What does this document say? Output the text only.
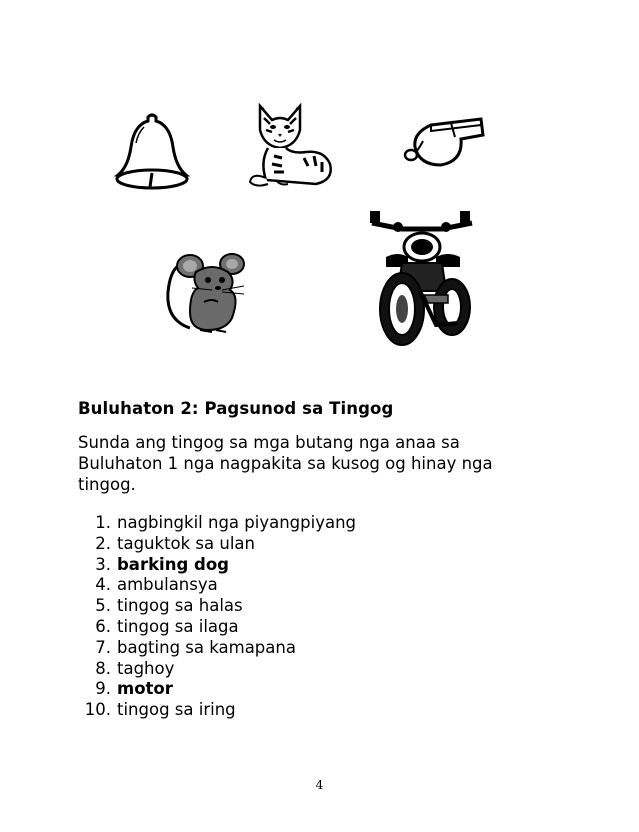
Buluhaton 2: Pagsunod sa Tingog
Sunda ang tingog sa mga butang nga anaa sa Buluhaton 1 nga nagpakita sa kusog og hinay nga tingog.
1. nagbingkil nga piyangpiyang
2. taguktok sa ulan
3. barking dog
4. ambulansya
5. tingog sa halas
6. tingog sa ilaga
7. bagting sa kamapana
8. taghoy
9. motor
10. tingog sa iring
4
